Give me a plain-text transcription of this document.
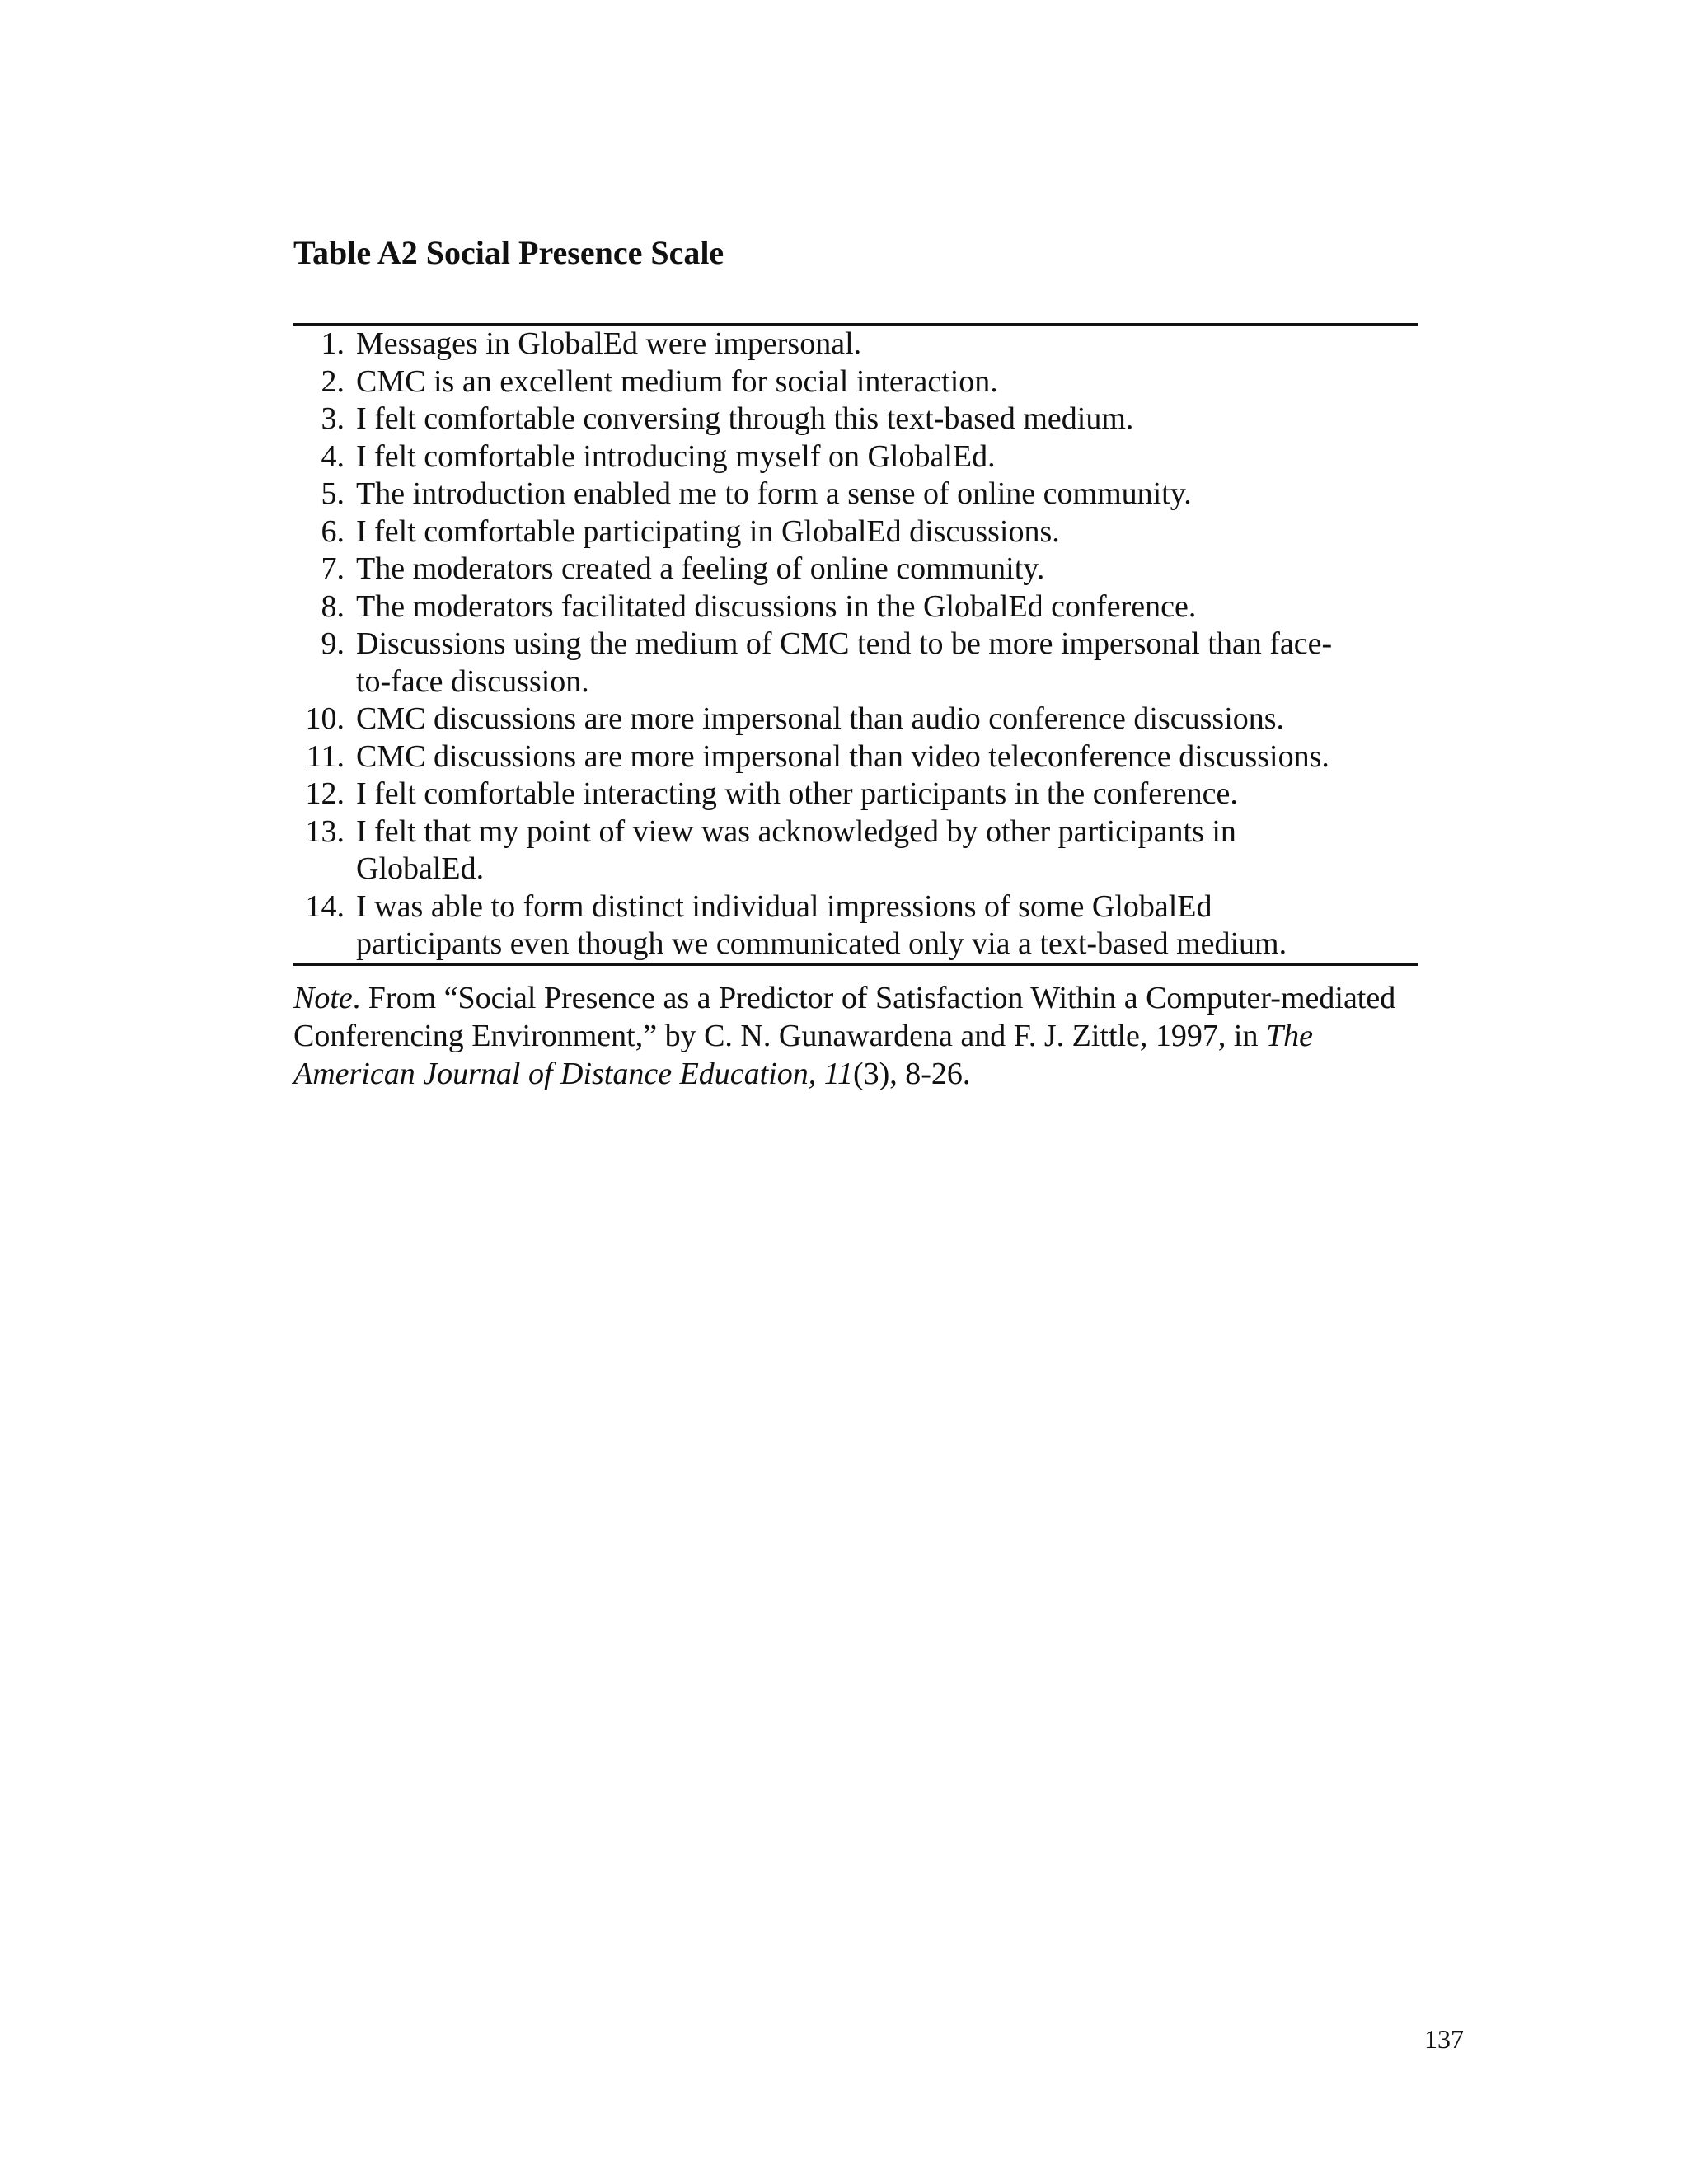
Table A2 Social Presence Scale
1. Messages in GlobalEd were impersonal.
2. CMC is an excellent medium for social interaction.
3. I felt comfortable conversing through this text-based medium.
4. I felt comfortable introducing myself on GlobalEd.
5. The introduction enabled me to form a sense of online community.
6. I felt comfortable participating in GlobalEd discussions.
7. The moderators created a feeling of online community.
8. The moderators facilitated discussions in the GlobalEd conference.
9. Discussions using the medium of CMC tend to be more impersonal than face-
to-face discussion.
10. CMC discussions are more impersonal than audio conference discussions.
11. CMC discussions are more impersonal than video teleconference discussions.
12. I felt comfortable interacting with other participants in the conference.
13. I felt that my point of view was acknowledged by other participants in
GlobalEd.
14. I was able to form distinct individual impressions of some GlobalEd
participants even though we communicated only via a text-based medium.

Note. From “Social Presence as a Predictor of Satisfaction Within a Computer-mediated
Conferencing Environment,” by C. N. Gunawardena and F. J. Zittle, 1997, in The
American Journal of Distance Education, 11(3), 8-26.

137
